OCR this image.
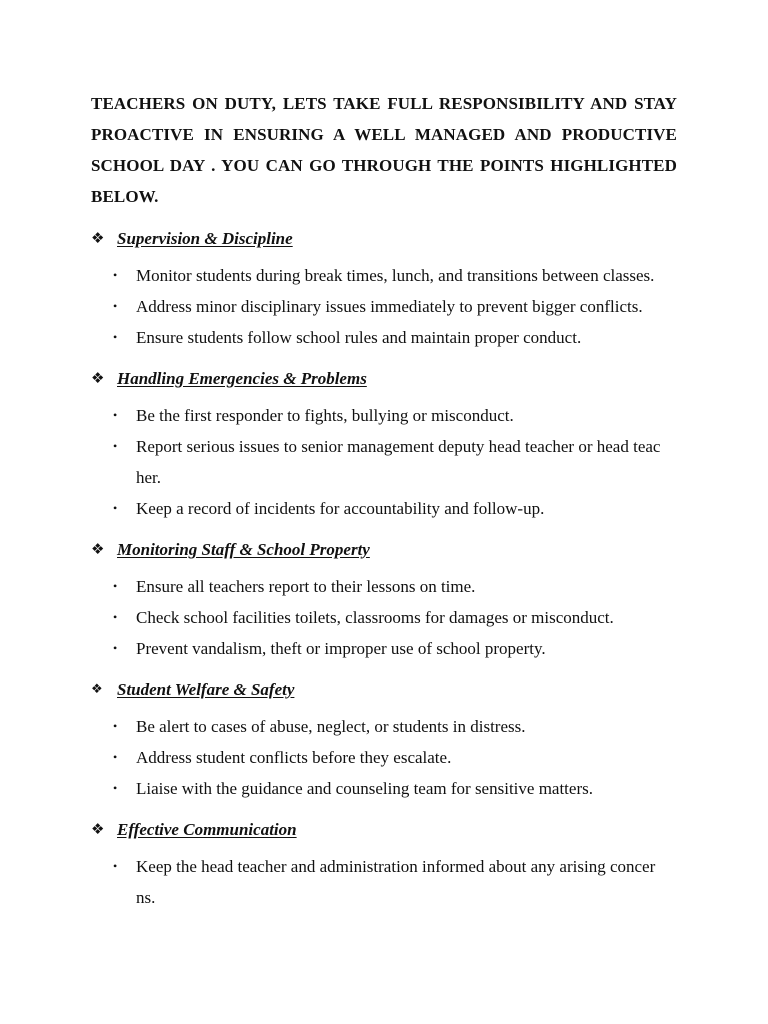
TEACHERS ON DUTY, LETS TAKE FULL RESPONSIBILITY AND STAY PROACTIVE IN ENSURING A WELL MANAGED AND PRODUCTIVE SCHOOL DAY . YOU CAN GO THROUGH THE POINTS HIGHLIGHTED BELOW.

❖ Supervision & Discipline
• Monitor students during break times, lunch, and transitions between classes.
• Address minor disciplinary issues immediately to prevent bigger conflicts.
• Ensure students follow school rules and maintain proper conduct.
❖ Handling Emergencies & Problems
• Be the first responder to fights, bullying or misconduct.
• Report serious issues to senior management deputy head teacher or head teac her.
• Keep a record of incidents for accountability and follow-up.
❖ Monitoring Staff & School Property
• Ensure all teachers report to their lessons on time.
• Check school facilities toilets, classrooms for damages or misconduct.
• Prevent vandalism, theft or improper use of school property.
❖ Student Welfare & Safety
• Be alert to cases of abuse, neglect, or students in distress.
• Address student conflicts before they escalate.
• Liaise with the guidance and counseling team for sensitive matters.
❖ Effective Communication
• Keep the head teacher and administration informed about any arising concer ns.
